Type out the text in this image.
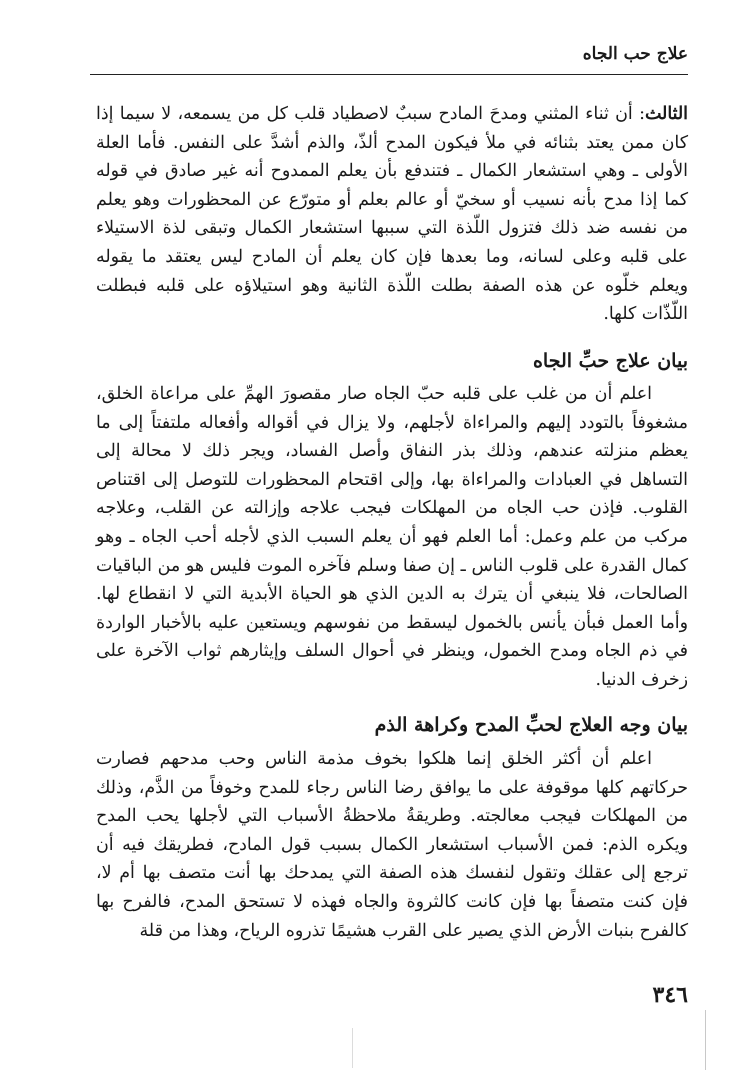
علاج حب الجاه

الثالث: أن ثناء المثني ومدحَ المادح سببٌ لاصطياد قلب كل من يسمعه، لا سيما إذا كان ممن يعتد بثنائه في ملأ فيكون المدح ألذّ، والذم أشدَّ على النفس. فأما العلة الأولى ـ وهي استشعار الكمال ـ فتندفع بأن يعلم الممدوح أنه غير صادق في قوله كما إذا مدح بأنه نسيب أو سخيّ أو عالم بعلم أو متورّع عن المحظورات وهو يعلم من نفسه ضد ذلك فتزول اللّذة التي سببها استشعار الكمال وتبقى لذة الاستيلاء على قلبه وعلى لسانه، وما بعدها فإن كان يعلم أن المادح ليس يعتقد ما يقوله ويعلم خلّوه عن هذه الصفة بطلت اللّذة الثانية وهو استيلاؤه على قلبه فبطلت اللّذّات كلها.

بيان علاج حبِّ الجاه

اعلم أن من غلب على قلبه حبّ الجاه صار مقصورَ الهمِّ على مراعاة الخلق، مشغوفاً بالتودد إليهم والمراءاة لأجلهم، ولا يزال في أقواله وأفعاله ملتفتاً إلى ما يعظم منزلته عندهم، وذلك بذر النفاق وأصل الفساد، ويجر ذلك لا محالة إلى التساهل في العبادات والمراءاة بها، وإلى اقتحام المحظورات للتوصل إلى اقتناص القلوب. فإذن حب الجاه من المهلكات فيجب علاجه وإزالته عن القلب، وعلاجه مركب من علم وعمل: أما العلم فهو أن يعلم السبب الذي لأجله أحب الجاه ـ وهو كمال القدرة على قلوب الناس ـ إن صفا وسلم فآخره الموت فليس هو من الباقيات الصالحات، فلا ينبغي أن يترك به الدين الذي هو الحياة الأبدية التي لا انقطاع لها. وأما العمل فبأن يأنس بالخمول ليسقط من نفوسهم ويستعين عليه بالأخبار الواردة في ذم الجاه ومدح الخمول، وينظر في أحوال السلف وإيثارهم ثواب الآخرة على زخرف الدنيا.

بيان وجه العلاج لحبِّ المدح وكراهة الذم

اعلم أن أكثر الخلق إنما هلكوا بخوف مذمة الناس وحب مدحهم فصارت حركاتهم كلها موقوفة على ما يوافق رضا الناس رجاء للمدح وخوفاً من الذَّم، وذلك من المهلكات فيجب معالجته. وطريقةُ ملاحظةُ الأسباب التي لأجلها يحب المدح ويكره الذم: فمن الأسباب استشعار الكمال بسبب قول المادح، فطريقك فيه أن ترجع إلى عقلك وتقول لنفسك هذه الصفة التي يمدحك بها أنت متصف بها أم لا، فإن كنت متصفاً بها فإن كانت كالثروة والجاه فهذه لا تستحق المدح، فالفرح بها كالفرح بنبات الأرض الذي يصير على القرب هشيمًا تذروه الرياح، وهذا من قلة

٣٤٦
